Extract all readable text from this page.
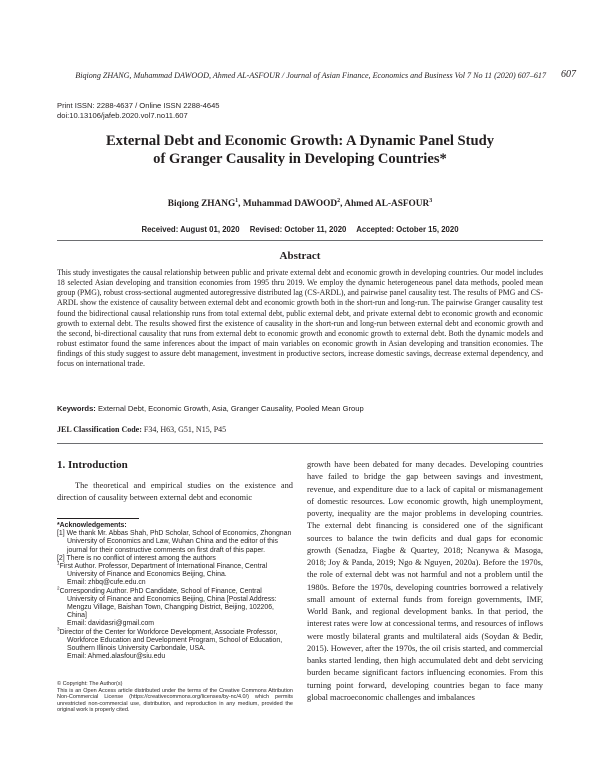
Biqiong ZHANG, Muhammad DAWOOD, Ahmed AL-ASFOUR / Journal of Asian Finance, Economics and Business Vol 7 No 11 (2020) 607–617	607
Print ISSN: 2288-4637 / Online ISSN 2288-4645
doi:10.13106/jafeb.2020.vol7.no11.607
External Debt and Economic Growth: A Dynamic Panel Study
of Granger Causality in Developing Countries*
Biqiong ZHANG$^1$, Muhammad DAWOOD$^2$, Ahmed AL-ASFOUR$^3$
Received: August 01, 2020 Revised: October 11, 2020 Accepted: October 15, 2020
Abstract
This study investigates the causal relationship between public and private external debt and economic growth in developing countries. Our model includes 18 selected Asian developing and transition economies from 1995 thru 2019. We employ the dynamic heterogeneous panel data methods, pooled mean group (PMG), robust cross-sectional augmented autoregressive distributed lag (CS-ARDL), and pairwise panel causality test. The results of PMG and CS-ARDL show the existence of causality between external debt and economic growth both in the short-run and long-run. The pairwise Granger causality test found the bidirectional causal relationship runs from total external debt, public external debt, and private external debt to economic growth and economic growth to external debt. The results showed first the existence of causality in the short-run and long-run between external debt and economic growth and the second, bi-directional causality that runs from external debt to economic growth and economic growth to external debt. Both the dynamic models and robust estimator found the same inferences about the impact of main variables on economic growth in Asian developing and transition economies. The findings of this study suggest to assure debt management, investment in productive sectors, increase domestic savings, decrease external dependency, and focus on international trade.
Keywords: External Debt, Economic Growth, Asia, Granger Causality, Pooled Mean Group
JEL Classification Code: F34, H63, G51, N15, P45
1. Introduction
The theoretical and empirical studies on the existence and direction of causality between external debt and economic
*Acknowledgements:
[1] We thank Mr. Abbas Shah, PhD Scholar, School of Economics, Zhongnan University of Economics and Law, Wuhan China and the editor of this journal for their constructive comments on first draft of this paper.
[2] There is no conflict of interest among the authors
$^1$First Author. Professor, Department of International Finance, Central University of Finance and Economics Beijing, China.
Email: zhbq@cufe.edu.cn
$^2$Corresponding Author. PhD Candidate, School of Finance, Central University of Finance and Economics Beijing, China [Postal Address: Mengzu Village, Baishan Town, Changping District, Beijing, 102206, China]
Email: davidasri@gmail.com
$^3$Director of the Center for Workforce Development, Associate Professor, Workforce Education and Development Program, School of Education, Southern Illinois University Carbondale, USA.
Email: Ahmed.alasfour@siu.edu
© Copyright: The Author(s)
This is an Open Access article distributed under the terms of the Creative Commons Attribution Non-Commercial License (https://creativecommons.org/licenses/by-nc/4.0/) which permits unrestricted non-commercial use, distribution, and reproduction in any medium, provided the original work is properly cited.
growth have been debated for many decades. Developing countries have failed to bridge the gap between savings and investment, revenue, and expenditure due to a lack of capital or mismanagement of domestic resources. Low economic growth, high unemployment, poverty, inequality are the major problems in developing countries. The external debt financing is considered one of the significant sources to balance the twin deficits and dual gaps for economic growth (Senadza, Fiagbe & Quartey, 2018; Ncanywa & Masoga, 2018; Joy & Panda, 2019; Ngo & Nguyen, 2020a). Before the 1970s, the role of external debt was not harmful and not a problem until the 1980s. Before the 1970s, developing countries borrowed a relatively small amount of external funds from foreign governments, IMF, World Bank, and regional development banks. In that period, the interest rates were low at concessional terms, and resources of inflows were mostly bilateral grants and multilateral aids (Soydan & Bedir, 2015). However, after the 1970s, the oil crisis started, and commercial banks started lending, then high accumulated debt and debt servicing burden became significant factors influencing economies. From this turning point forward, developing countries began to face many global macroeconomic challenges and imbalances
